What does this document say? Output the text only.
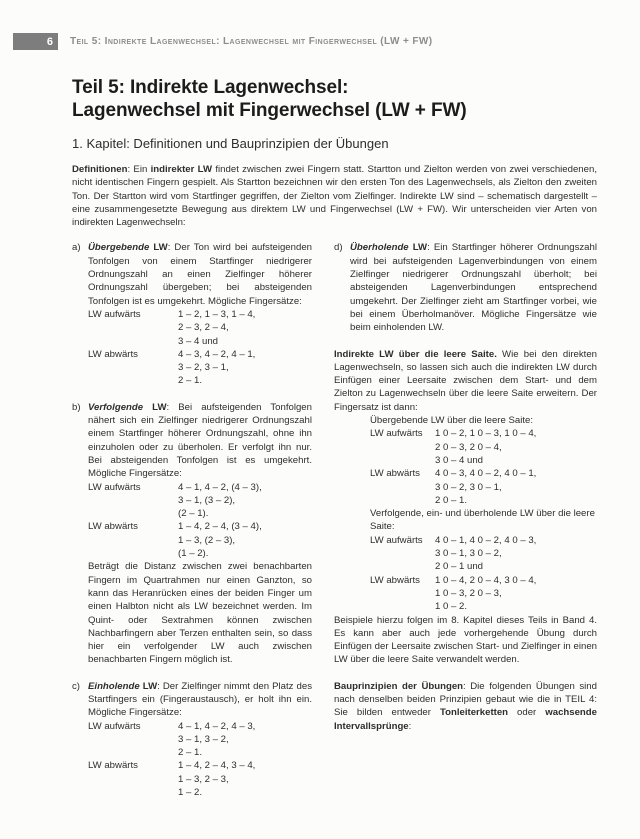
6 Teil 5: Indirekte Lagenwechsel: Lagenwechsel mit Fingerwechsel (LW + FW)
Teil 5: Indirekte Lagenwechsel:
Lagenwechsel mit Fingerwechsel (LW + FW)
1. Kapitel: Definitionen und Bauprinzipien der Übungen

Definitionen: Ein indirekter LW findet zwischen zwei Fingern statt. Startton und Zielton werden von zwei verschiedenen, nicht identischen Fingern gespielt. Als Startton bezeichnen wir den ersten Ton des Lagenwechsels, als Zielton den zweiten Ton. Der Startton wird vom Startfinger gegriffen, der Zielton vom Zielfinger. Indirekte LW sind – schematisch dargestellt – eine zusammengesetzte Bewegung aus direktem LW und Fingerwechsel (LW + FW). Wir unterscheiden vier Arten von indirekten Lagenwechseln:

a) Übergebende LW: Der Ton wird bei aufsteigenden Tonfolgen von einem Startfinger niedrigerer Ordnungszahl an einen Zielfinger höherer Ordnungszahl übergeben; bei absteigenden Tonfolgen ist es umgekehrt. Mögliche Fingersätze:

LW aufwärts	1 – 2, 1 – 3, 1 – 4,
2 – 3, 2 – 4,
3 – 4 und
LW abwärts	4 – 3, 4 – 2, 4 – 1,
3 – 2, 3 – 1,
2 – 1.
b) Verfolgende LW: Bei aufsteigenden Tonfolgen nähert sich ein Zielfinger niedrigerer Ordnungszahl einem Startfinger höherer Ordnungszahl, ohne ihn einzuholen oder zu überholen. Er verfolgt ihn nur. Bei absteigenden Tonfolgen ist es umgekehrt. Mögliche Fingersätze:

LW aufwärts	4 – 1, 4 – 2, (4 – 3),
3 – 1, (3 – 2),
(2 – 1).
LW abwärts	1 – 4, 2 – 4, (3 – 4),
1 – 3, (2 – 3),
(1 – 2).

Beträgt die Distanz zwischen zwei benachbarten Fingern im Quartrahmen nur einen Ganzton, so kann das Heranrücken eines der beiden Finger um einen Halbton nicht als LW bezeichnet werden. Im Quint- oder Sextrahmen können zwischen Nachbarfingern aber Terzen enthalten sein, so dass hier ein verfolgender LW auch zwischen benachbarten Fingern möglich ist.

c) Einholende LW: Der Zielfinger nimmt den Platz des Startfingers ein (Fingeraustausch), er holt ihn ein. Mögliche Fingersätze:

LW aufwärts	4 – 1, 4 – 2, 4 – 3,
3 – 1, 3 – 2,
2 – 1.
LW abwärts	1 – 4, 2 – 4, 3 – 4,
1 – 3, 2 – 3,
1 – 2.
d) Überholende LW: Ein Startfinger höherer Ordnungszahl wird bei aufsteigenden Lagenverbindungen von einem Zielfinger niedrigerer Ordnungszahl überholt; bei absteigenden Lagenverbindungen entsprechend umgekehrt. Der Zielfinger zieht am Startfinger vorbei, wie bei einem Überholmanöver. Mögliche Fingersätze wie beim einholenden LW.

Indirekte LW über die leere Saite. Wie bei den direkten Lagenwechseln, so lassen sich auch die indirekten LW durch Einfügen einer Leersaite zwischen dem Start- und dem Zielton zu Lagenwechseln über die leere Saite erweitern. Der Fingersatz ist dann:

Übergebende LW über die leere Saite:
LW aufwärts	1 0 – 2, 1 0 – 3, 1 0 – 4,
2 0 – 3, 2 0 – 4,
3 0 – 4 und
LW abwärts	4 0 – 3, 4 0 – 2, 4 0 – 1,
3 0 – 2, 3 0 – 1,
2 0 – 1.
Verfolgende, ein- und überholende LW über die leere Saite:
LW aufwärts	4 0 – 1, 4 0 – 2, 4 0 – 3,
3 0 – 1, 3 0 – 2,
2 0 – 1 und
LW abwärts	1 0 – 4, 2 0 – 4, 3 0 – 4,
1 0 – 3, 2 0 – 3,
1 0 – 2.

Beispiele hierzu folgen im 8. Kapitel dieses Teils in Band 4. Es kann aber auch jede vorhergehende Übung durch Einfügen der Leersaite zwischen Start- und Zielfinger in einen LW über die leere Saite verwandelt werden.

Bauprinzipien der Übungen: Die folgenden Übungen sind nach denselben beiden Prinzipien gebaut wie die in TEIL 4: Sie bilden entweder Tonleiterketten oder wachsende Intervallsprünge:
